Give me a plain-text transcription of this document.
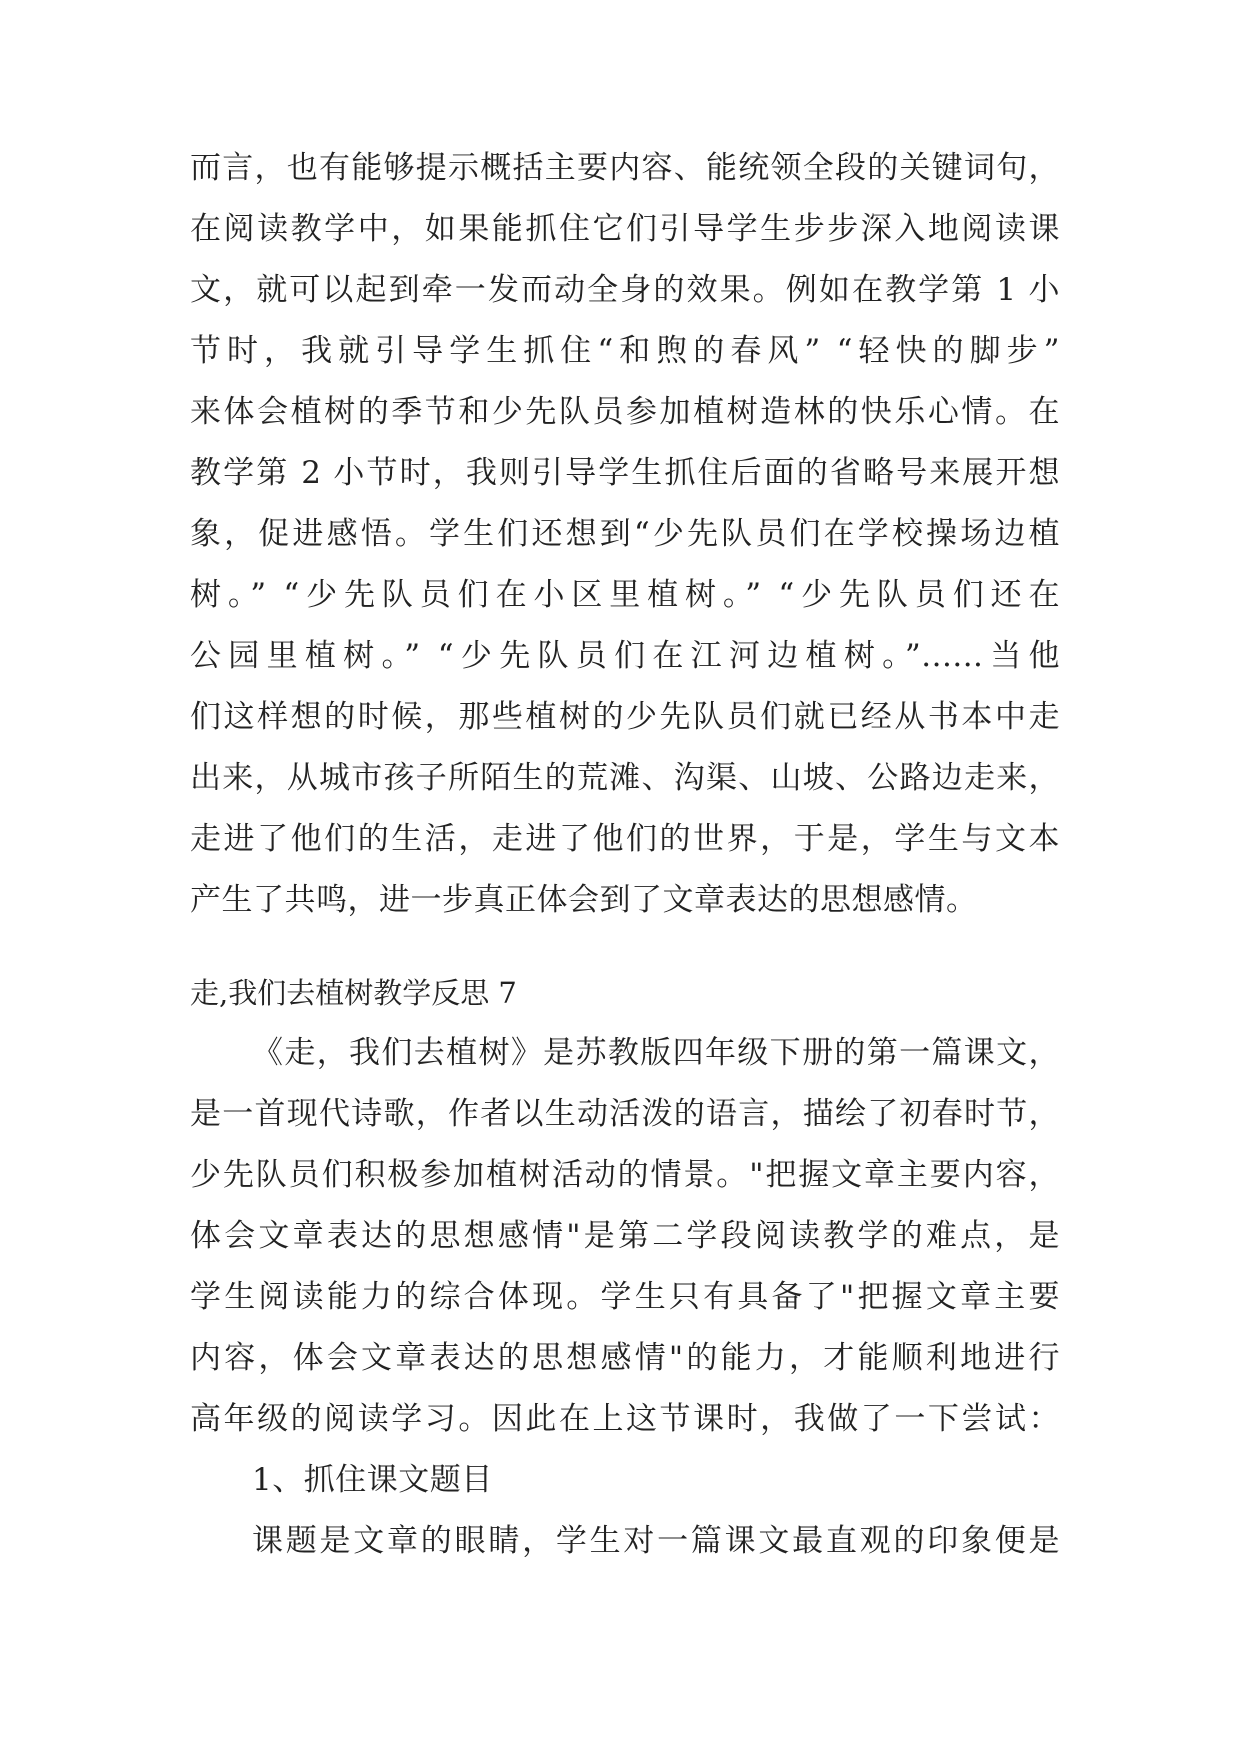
而言，也有能够提示概括主要内容、能统领全段的关键词句，
在阅读教学中，如果能抓住它们引导学生步步深入地阅读课
文，就可以起到牵一发而动全身的效果。例如在教学第 1 小
节时，我就引导学生抓住“和煦的春风” “轻快的脚步”
来体会植树的季节和少先队员参加植树造林的快乐心情。在
教学第 2 小节时，我则引导学生抓住后面的省略号来展开想
象，促进感悟。学生们还想到“少先队员们在学校操场边植
树。” “少先队员们在小区里植树。” “少先队员们还在
公园里植树。” “少先队员们在江河边植树。”......当他
们这样想的时候，那些植树的少先队员们就已经从书本中走
出来，从城市孩子所陌生的荒滩、沟渠、山坡、公路边走来，
走进了他们的生活，走进了他们的世界，于是，学生与文本
产生了共鸣，进一步真正体会到了文章表达的思想感情。
走,我们去植树教学反思 7
《走，我们去植树》是苏教版四年级下册的第一篇课文，
是一首现代诗歌，作者以生动活泼的语言，描绘了初春时节，
少先队员们积极参加植树活动的情景。"把握文章主要内容，
体会文章表达的思想感情"是第二学段阅读教学的难点，是
学生阅读能力的综合体现。学生只有具备了"把握文章主要
内容，体会文章表达的思想感情"的能力，才能顺利地进行
高年级的阅读学习。因此在上这节课时，我做了一下尝试：
1、抓住课文题目
课题是文章的眼睛，学生对一篇课文最直观的印象便是
